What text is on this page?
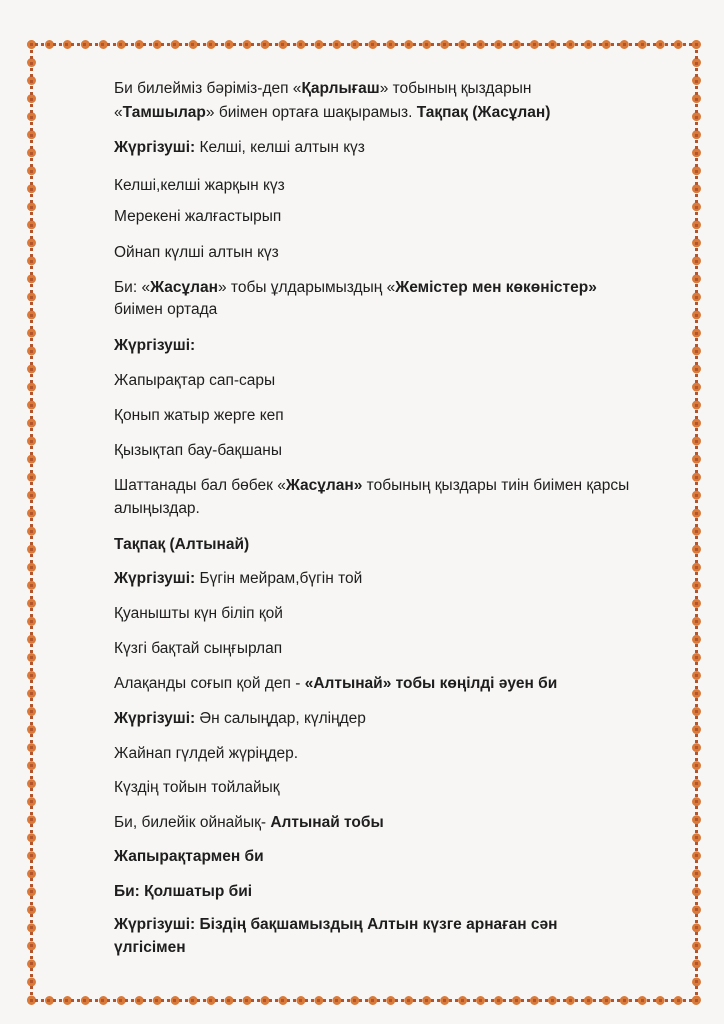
Би билейміз бәріміз-деп «Қарлығаш» тобының қыздарын
«Тамшылар» биімен ортаға шақырамыз. Тақпақ (Жасұлан)
Жүргізуші: Келші, келші алтын күз
Келші,келші жарқын күз
Мерекені жалғастырып
Ойнап күлші алтын күз
Би: «Жасұлан» тобы ұлдарымыздың «Жемістер мен көкөністер»
биімен ортада
Жүргізуші:
Жапырақтар сап-сары
Қонып жатыр жерге кеп
Қызықтап бау-бақшаны
Шаттанады бал бөбек «Жасұлан» тобының қыздары тиін биімен қарсы
алыңыздар.
Тақпақ (Алтынай)
Жүргізуші: Бүгін мейрам,бүгін той
Қуанышты күн біліп қой
Күзгі бақтай сыңғырлап
Алақанды соғып қой деп - «Алтынай» тобы көңілді әуен би
Жүргізуші: Ән салыңдар, күліңдер
Жайнап гүлдей жүріңдер.
Күздің тойын тойлайық
Би, билейік ойнайық- Алтынай тобы
Жапырақтармен би
Би: Қолшатыр биі
Жүргізуші: Біздің бақшамыздың Алтын күзге арнаған сән
үлгісімен
